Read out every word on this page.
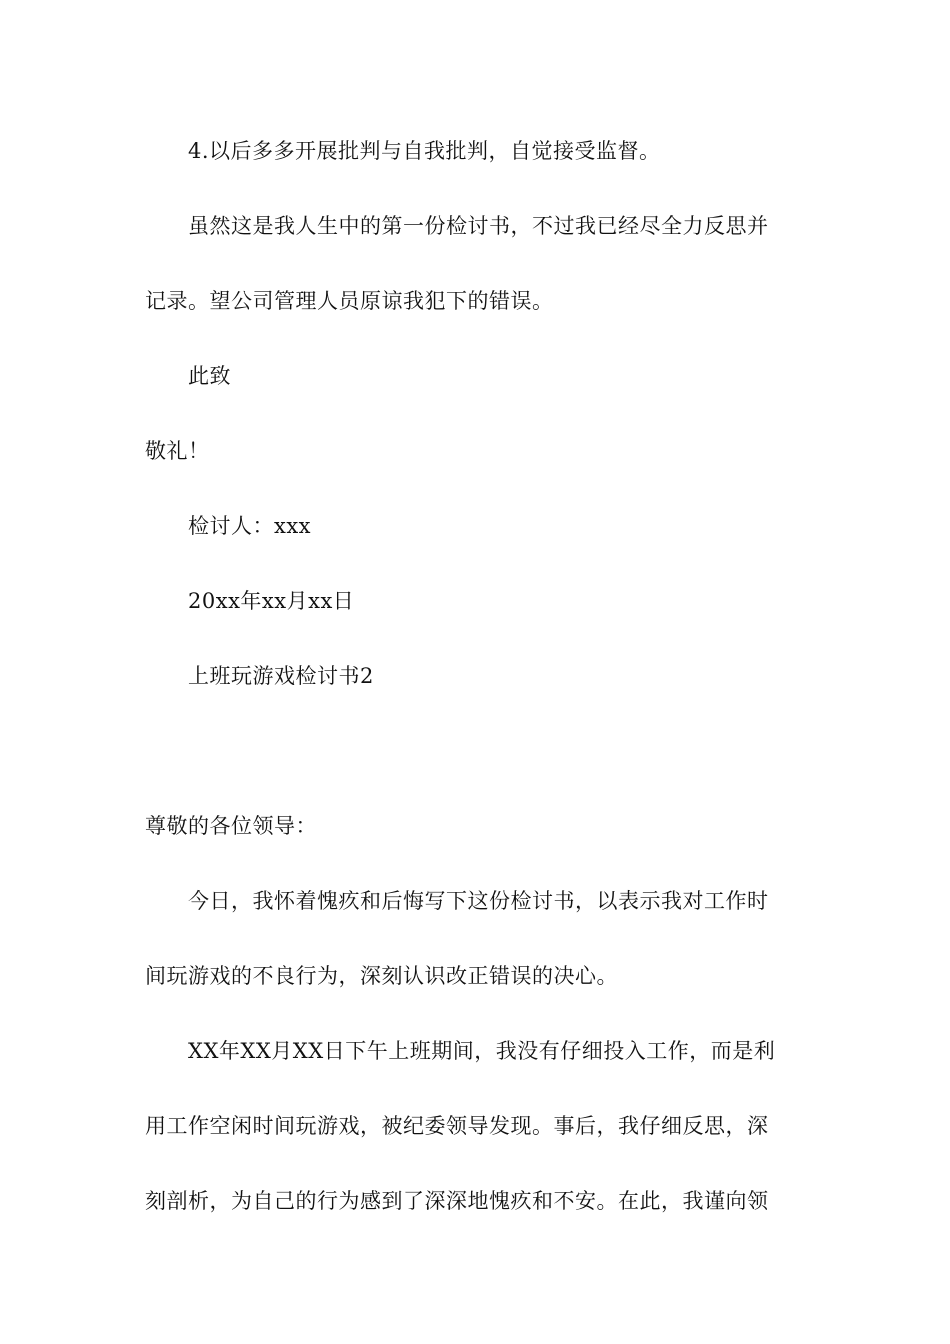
4.以后多多开展批判与自我批判，自觉接受监督。
虽然这是我人生中的第一份检讨书，不过我已经尽全力反思并
记录。望公司管理人员原谅我犯下的错误。
此致
敬礼！
检讨人：xxx
20xx年xx月xx日
上班玩游戏检讨书2
尊敬的各位领导：
今日，我怀着愧疚和后悔写下这份检讨书，以表示我对工作时
间玩游戏的不良行为，深刻认识改正错误的决心。
XX年XX月XX日下午上班期间，我没有仔细投入工作，而是利
用工作空闲时间玩游戏，被纪委领导发现。事后，我仔细反思，深
刻剖析，为自己的行为感到了深深地愧疚和不安。在此，我谨向领
